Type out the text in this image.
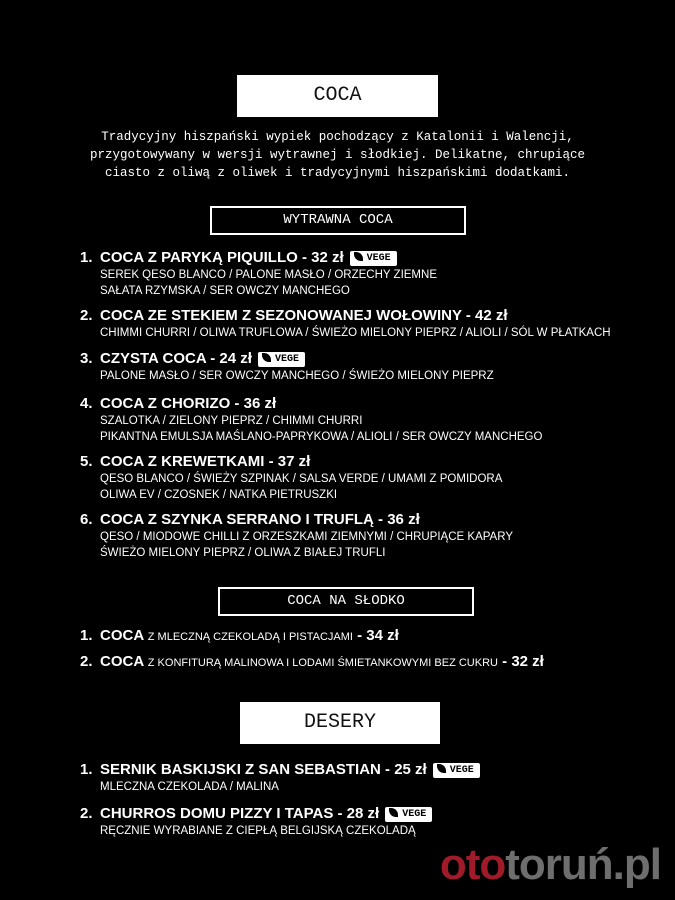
COCA
Tradycyjny hiszpański wypiek pochodzący z Katalonii i Walencji,
przygotowywany w wersji wytrawnej i słodkiej. Delikatne, chrupiące
ciasto z oliwą z oliwek i tradycyjnymi hiszpańskimi dodatkami.
WYTRAWNA COCA
1. COCA Z PARYKĄ PIQUILLO - 32 zł VEGE
SEREK QESO BLANCO / PALONE MASŁO / ORZECHY ZIEMNE
SAŁATA RZYMSKA / SER OWCZY MANCHEGO
2. COCA ZE STEKIEM Z SEZONOWANEJ WOŁOWINY - 42 zł
CHIMMI CHURRI / OLIWA TRUFLOWA / ŚWIEŻO MIELONY PIEPRZ / ALIOLI / SÓL W PŁATKACH
3. CZYSTA COCA - 24 zł VEGE
PALONE MASŁO / SER OWCZY MANCHEGO / ŚWIEŻO MIELONY PIEPRZ
4. COCA Z CHORIZO - 36 zł
SZALOTKA / ZIELONY PIEPRZ / CHIMMI CHURRI
PIKANTNA EMULSJA MAŚLANO-PAPRYKOWA / ALIOLI / SER OWCZY MANCHEGO
5. COCA Z KREWETKAMI - 37 zł
QESO BLANCO / ŚWIEŻY SZPINAK / SALSA VERDE / UMAMI Z POMIDORA
OLIWA EV / CZOSNEK / NATKA PIETRUSZKI
6. COCA Z SZYNKA SERRANO I TRUFLĄ - 36 zł
QESO / MIODOWE CHILLI Z ORZESZKAMI ZIEMNYMI / CHRUPIĄCE KAPARY
ŚWIEŻO MIELONY PIEPRZ / OLIWA Z BIAŁEJ TRUFLI
COCA NA SŁODKO
1. COCA Z MLECZNĄ CZEKOLADĄ I PISTACJAMI - 34 zł
2. COCA Z KONFITURĄ MALINOWA I LODAMI ŚMIETANKOWYMI BEZ CUKRU - 32 zł
DESERY
1. SERNIK BASKIJSKI Z SAN SEBASTIAN - 25 zł VEGE
MLECZNA CZEKOLADA / MALINA
2. CHURROS DOMU PIZZY I TAPAS - 28 zł VEGE
RĘCZNIE WYRABIANE Z CIEPŁĄ BELGIJSKĄ CZEKOLADĄ
ototoruń.pl
